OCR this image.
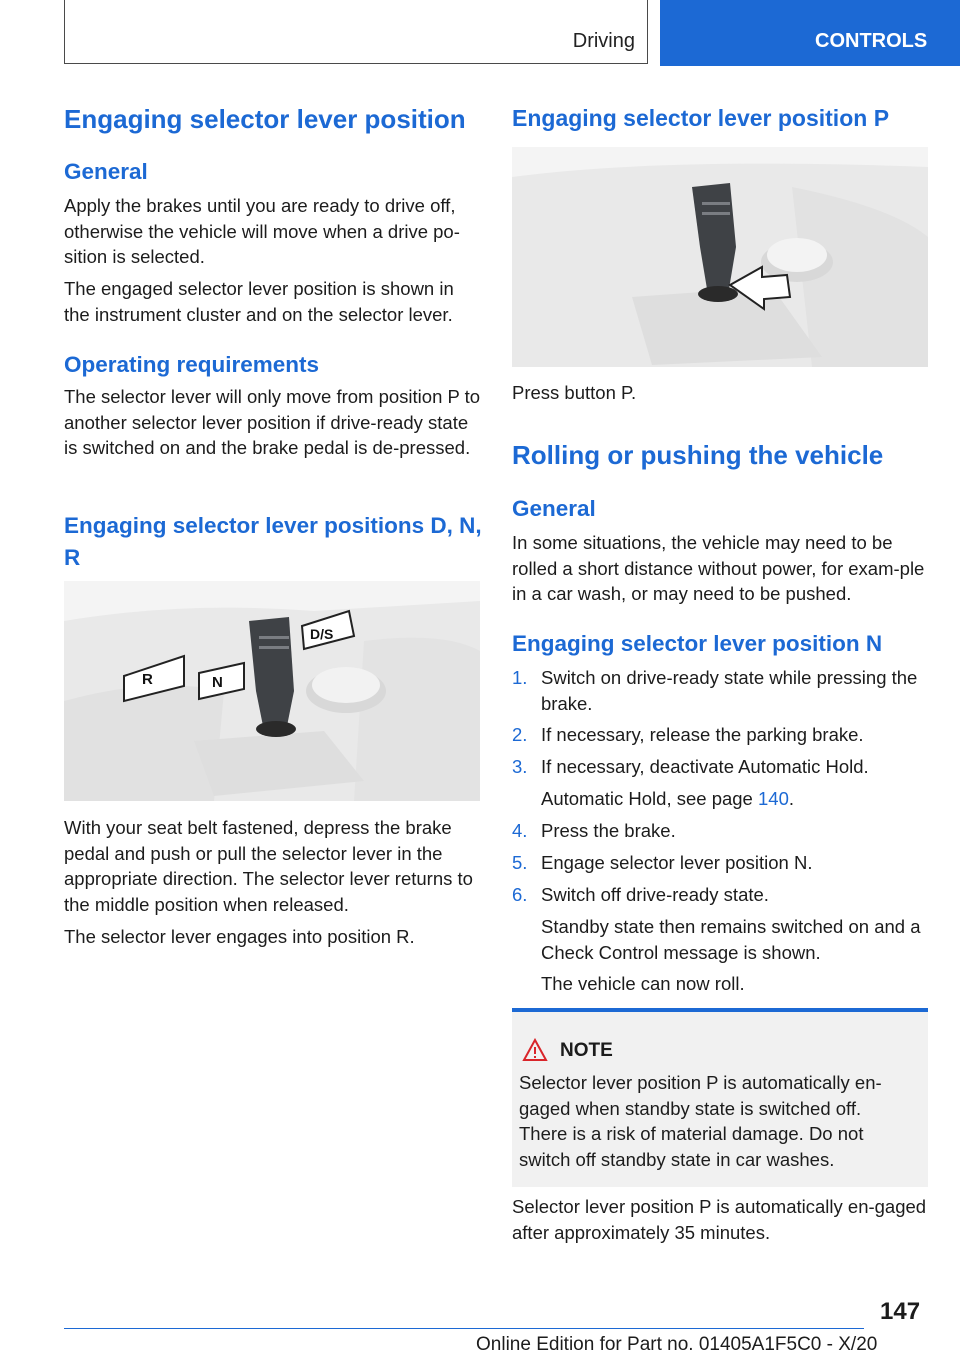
Driving	CONTROLS
Engaging selector lever position
General

Apply the brakes until you are ready to drive off, otherwise the vehicle will move when a drive po-sition is selected.

The engaged selector lever position is shown in the instrument cluster and on the selector lever.

Operating requirements

The selector lever will only move from position P to another selector lever position if drive-ready state is switched on and the brake pedal is de-pressed.

Engaging selector lever positions D, N, R
R	N
D/S

With your seat belt fastened, depress the brake pedal and push or pull the selector lever in the appropriate direction. The selector lever returns to the middle position when released.

The selector lever engages into position R.

Engaging selector lever position P

Press button P.

Rolling or pushing the vehicle
General

In some situations, the vehicle may need to be rolled a short distance without power, for exam-ple in a car wash, or may need to be pushed.

Engaging selector lever position N
1. Switch on drive-ready state while pressing the brake.
2. If necessary, release the parking brake.
3. If necessary, deactivate Automatic Hold.
Automatic Hold, see page 140.
4. Press the brake.
5. Engage selector lever position N.
6. Switch off drive-ready state.
Standby state then remains switched on and a Check Control message is shown.
The vehicle can now roll.

Selector lever position P is automatically en-gaged after approximately 35 minutes.

NOTE
Selector lever position P is automatically en-gaged when standby state is switched off. There is a risk of material damage. Do not switch off standby state in car washes.
147
Online Edition for Part no. 01405A1F5C0 - X/20
